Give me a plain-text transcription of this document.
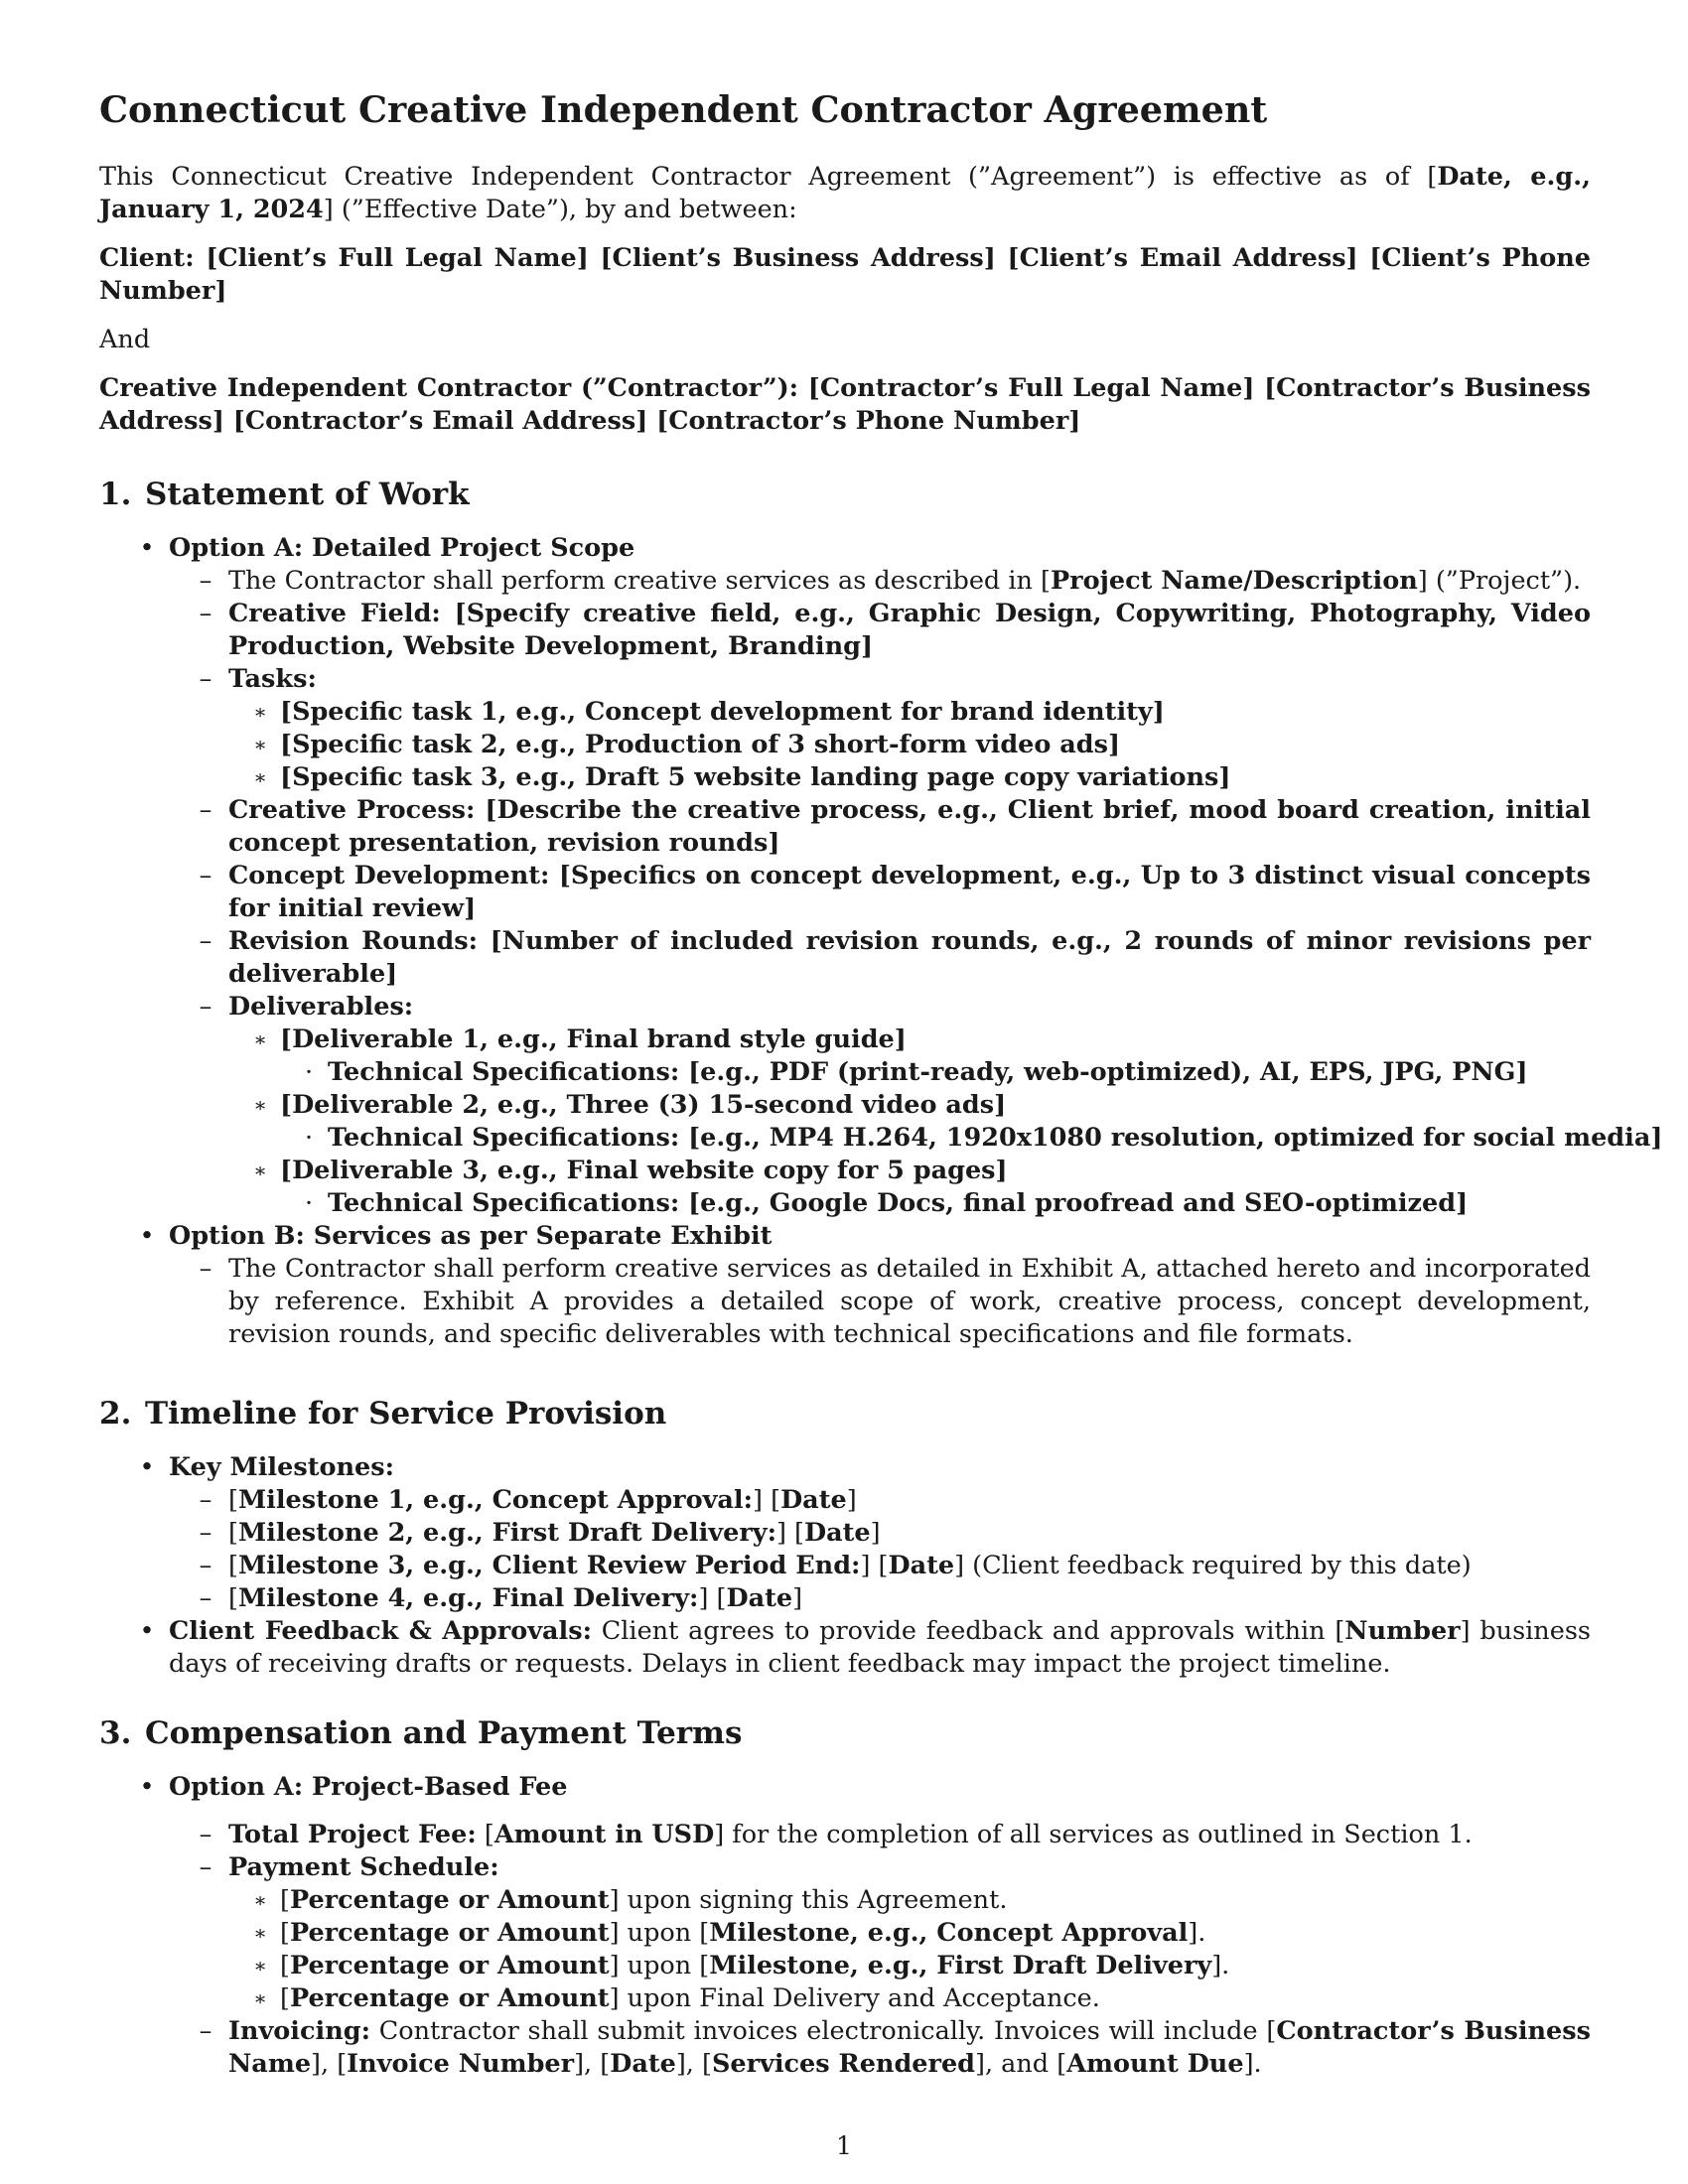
Connecticut Creative Independent Contractor Agreement

This Connecticut Creative Independent Contractor Agreement (”Agreement”) is effective as of [Date, e.g., January 1, 2024] (”Effective Date”), by and between:

Client: [Client’s Full Legal Name] [Client’s Business Address] [Client’s Email Address] [Client’s Phone Number]

And

Creative Independent Contractor (”Contractor”): [Contractor’s Full Legal Name] [Contractor’s Business Address] [Contractor’s Email Address] [Contractor’s Phone Number]

1. Statement of Work
• Option A: Detailed Project Scope
– The Contractor shall perform creative services as described in [Project Name/Description] (”Project”).
– Creative Field: [Specify creative field, e.g., Graphic Design, Copywriting, Photography, Video Production, Website Development, Branding]
– Tasks:
∗ [Specific task 1, e.g., Concept development for brand identity]
∗ [Specific task 2, e.g., Production of 3 short-form video ads]
∗ [Specific task 3, e.g., Draft 5 website landing page copy variations]
– Creative Process: [Describe the creative process, e.g., Client brief, mood board creation, initial concept presentation, revision rounds]
– Concept Development: [Specifics on concept development, e.g., Up to 3 distinct visual concepts for initial review]
– Revision Rounds: [Number of included revision rounds, e.g., 2 rounds of minor revisions per deliverable]
– Deliverables:
∗ [Deliverable 1, e.g., Final brand style guide]
· Technical Specifications: [e.g., PDF (print-ready, web-optimized), AI, EPS, JPG, PNG]
∗ [Deliverable 2, e.g., Three (3) 15-second video ads]
· Technical Specifications: [e.g., MP4 H.264, 1920x1080 resolution, optimized for social media]
∗ [Deliverable 3, e.g., Final website copy for 5 pages]
· Technical Specifications: [e.g., Google Docs, final proofread and SEO-optimized]
• Option B: Services as per Separate Exhibit
– The Contractor shall perform creative services as detailed in Exhibit A, attached hereto and incorporated by reference. Exhibit A provides a detailed scope of work, creative process, concept development, revision rounds, and specific deliverables with technical specifications and file formats.
2. Timeline for Service Provision
• Key Milestones:
– [Milestone 1, e.g., Concept Approval:] [Date]
– [Milestone 2, e.g., First Draft Delivery:] [Date]
– [Milestone 3, e.g., Client Review Period End:] [Date] (Client feedback required by this date)
– [Milestone 4, e.g., Final Delivery:] [Date]
• Client Feedback & Approvals: Client agrees to provide feedback and approvals within [Number] business days of receiving drafts or requests. Delays in client feedback may impact the project timeline.
3. Compensation and Payment Terms
• Option A: Project-Based Fee
– Total Project Fee: [Amount in USD] for the completion of all services as outlined in Section 1.
– Payment Schedule:
∗ [Percentage or Amount] upon signing this Agreement.
∗ [Percentage or Amount] upon [Milestone, e.g., Concept Approval].
∗ [Percentage or Amount] upon [Milestone, e.g., First Draft Delivery].
∗ [Percentage or Amount] upon Final Delivery and Acceptance.
– Invoicing: Contractor shall submit invoices electronically. Invoices will include [Contractor’s Business Name], [Invoice Number], [Date], [Services Rendered], and [Amount Due].
1
